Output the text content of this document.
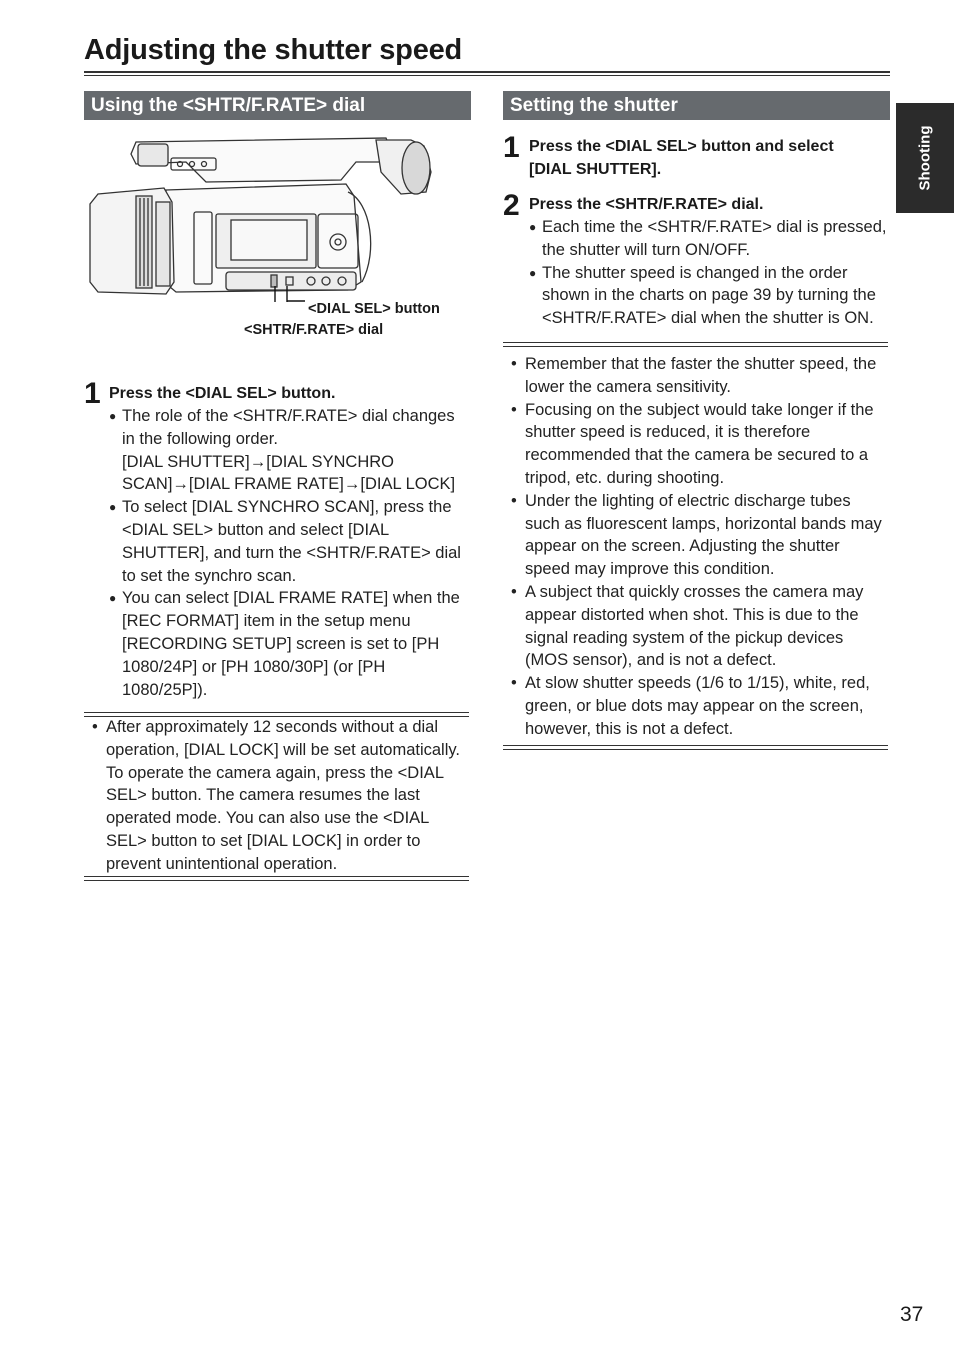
Adjusting the shutter speed
Shooting
Using the <SHTR/F.RATE> dial
<DIAL SEL> button
<SHTR/F.RATE> dial
1 Press the <DIAL SEL> button.
● The role of the <SHTR/F.RATE> dial changes in the following order.
[DIAL SHUTTER]→[DIAL SYNCHRO SCAN]→[DIAL FRAME RATE]→[DIAL LOCK]
● To select [DIAL SYNCHRO SCAN], press the <DIAL SEL> button and select [DIAL SHUTTER], and turn the <SHTR/F.RATE> dial to set the synchro scan.
● You can select [DIAL FRAME RATE] when the [REC FORMAT] item in the setup menu [RECORDING SETUP] screen is set to [PH 1080/24P] or [PH 1080/30P] (or [PH 1080/25P]).
• After approximately 12 seconds without a dial operation, [DIAL LOCK] will be set automatically. To operate the camera again, press the <DIAL SEL> button. The camera resumes the last operated mode. You can also use the <DIAL SEL> button to set [DIAL LOCK] in order to prevent unintentional operation.
Setting the shutter
1 Press the <DIAL SEL> button and select [DIAL SHUTTER].
2 Press the <SHTR/F.RATE> dial.
● Each time the <SHTR/F.RATE> dial is pressed, the shutter will turn ON/OFF.
● The shutter speed is changed in the order shown in the charts on page 39 by turning the <SHTR/F.RATE> dial when the shutter is ON.
• Remember that the faster the shutter speed, the lower the camera sensitivity.
• Focusing on the subject would take longer if the shutter speed is reduced, it is therefore recommended that the camera be secured to a tripod, etc. during shooting.
• Under the lighting of electric discharge tubes such as fluorescent lamps, horizontal bands may appear on the screen. Adjusting the shutter speed may improve this condition.
• A subject that quickly crosses the camera may appear distorted when shot. This is due to the signal reading system of the pickup devices (MOS sensor), and is not a defect.
• At slow shutter speeds (1/6 to 1/15), white, red, green, or blue dots may appear on the screen, however, this is not a defect.
37
